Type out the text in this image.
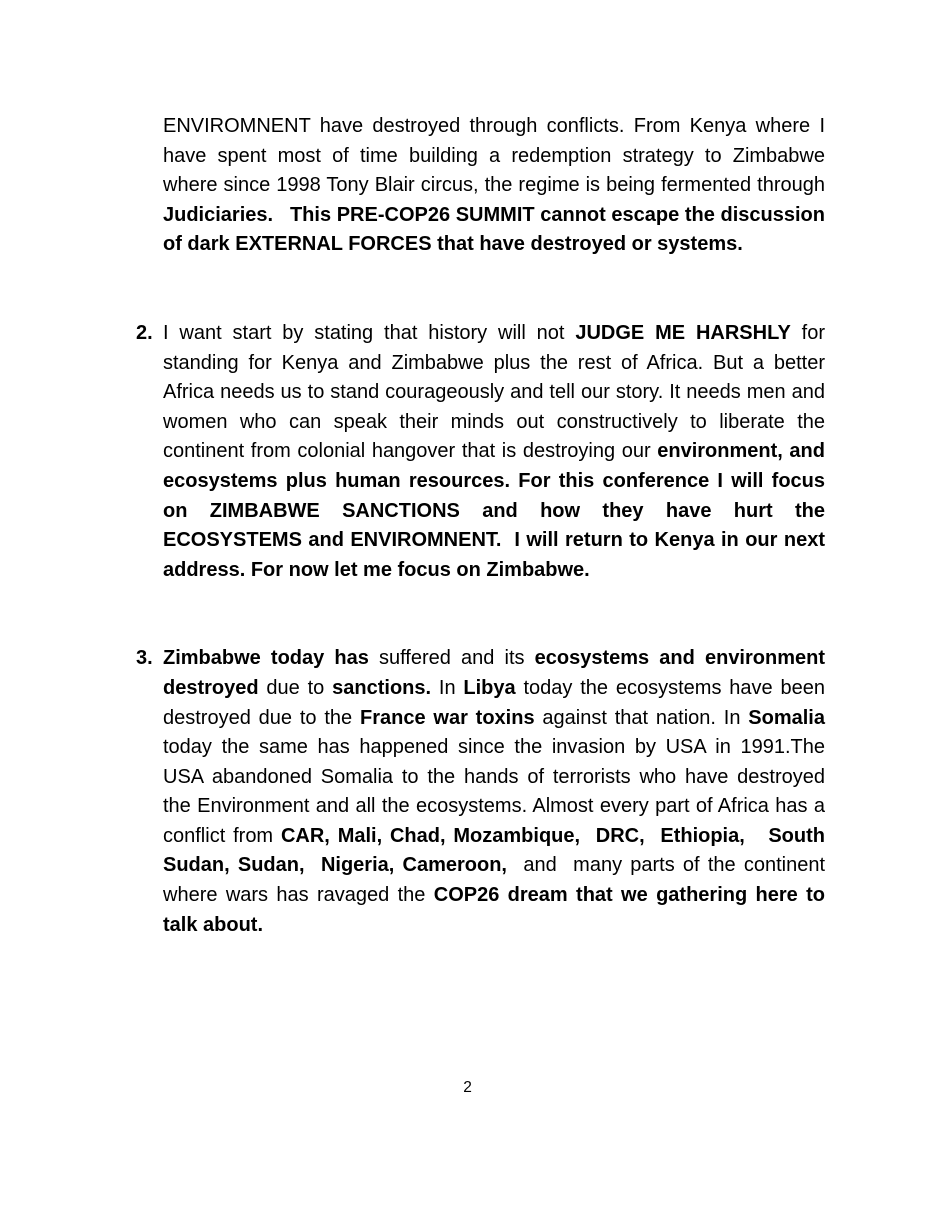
ENVIROMNENT have destroyed through conflicts. From Kenya where I have spent most of time building a redemption strategy to Zimbabwe where since 1998 Tony Blair circus, the regime is being fermented through Judiciaries.   This PRE-COP26 SUMMIT cannot escape the discussion of dark EXTERNAL FORCES that have destroyed or systems.

2. I want start by stating that history will not JUDGE ME HARSHLY for standing for Kenya and Zimbabwe plus the rest of Africa. But a better Africa needs us to stand courageously and tell our story. It needs men and women who can speak their minds out constructively to liberate the continent from colonial hangover that is destroying our environment, and ecosystems plus human resources. For this conference I will focus on ZIMBABWE SANCTIONS and how they have hurt the ECOSYSTEMS and ENVIROMNENT.  I will return to Kenya in our next address. For now let me focus on Zimbabwe.

3. Zimbabwe today has suffered and its ecosystems and environment destroyed due to sanctions. In Libya today the ecosystems have been destroyed due to the France war toxins against that nation. In Somalia today the same has happened since the invasion by USA in 1991.The USA abandoned Somalia to the hands of terrorists who have destroyed the Environment and all the ecosystems. Almost every part of Africa has a conflict from CAR, Mali, Chad, Mozambique,  DRC,  Ethiopia,   South Sudan, Sudan,  Nigeria, Cameroon,  and  many parts of the continent where wars has ravaged the COP26 dream that we gathering here to talk about.

2
